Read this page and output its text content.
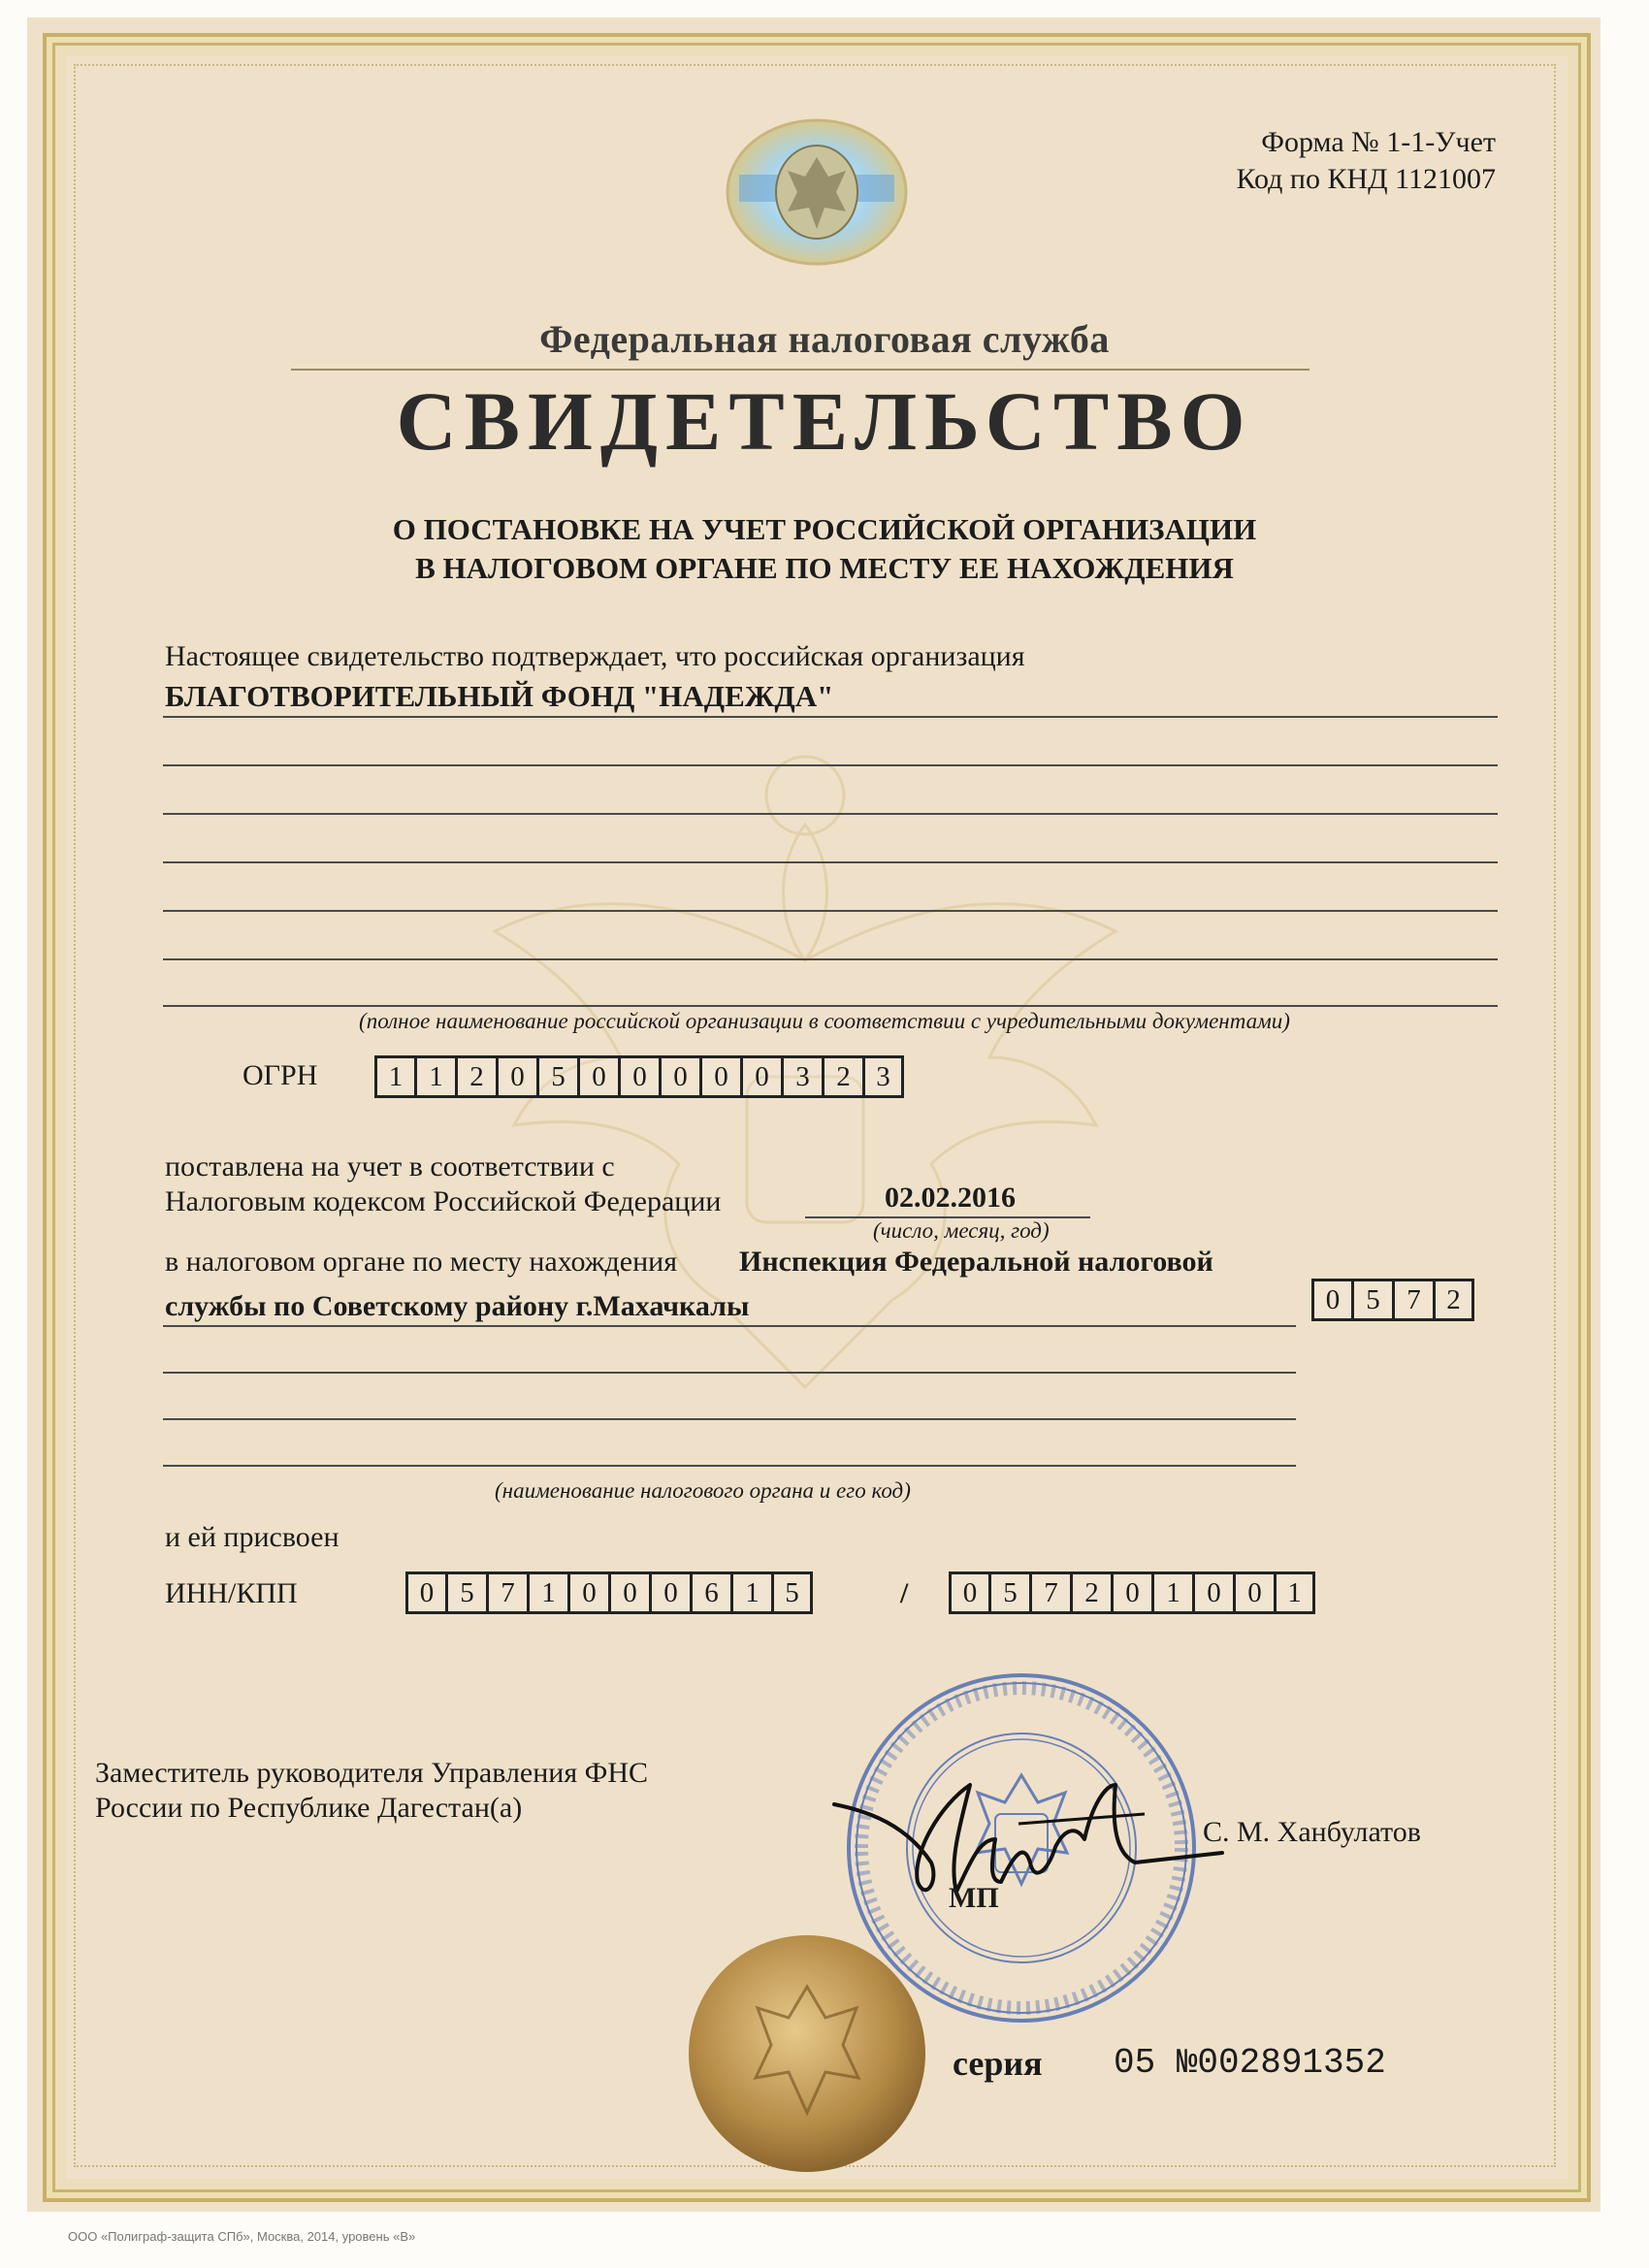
Форма № 1-1-Учет
Код по КНД 1121007
Федеральная налоговая служба
СВИДЕТЕЛЬСТВО
О ПОСТАНОВКЕ НА УЧЕТ РОССИЙСКОЙ ОРГАНИЗАЦИИ
В НАЛОГОВОМ ОРГАНЕ ПО МЕСТУ ЕЕ НАХОЖДЕНИЯ
Настоящее свидетельство подтверждает, что российская организация
БЛАГОТВОРИТЕЛЬНЫЙ ФОНД "НАДЕЖДА"
(полное наименование российской организации в соответствии с учредительными документами)
ОГРН	1 1 2 0 5 0 0 0 0 0 3 2 3
поставлена на учет в соответствии с
Налоговым кодексом Российской Федерации	02.02.2016
(число, месяц, год)
в налоговом органе по месту нахождения Инспекция Федеральной налоговой
службы по Советскому району г.Махачкалы	0 5 7 2
(наименование налогового органа и его код)
и ей присвоен
ИНН/КПП	0 5 7 1 0 0 0 6 1 5	/	0 5 7 2 0 1 0 0 1
Заместитель руководителя Управления ФНС
России по Республике Дагестан(а)
С. М. Ханбулатов
МП
серия 05 №002891352
ООО «Полиграф-защита СПб», Москва, 2014, уровень «В»
